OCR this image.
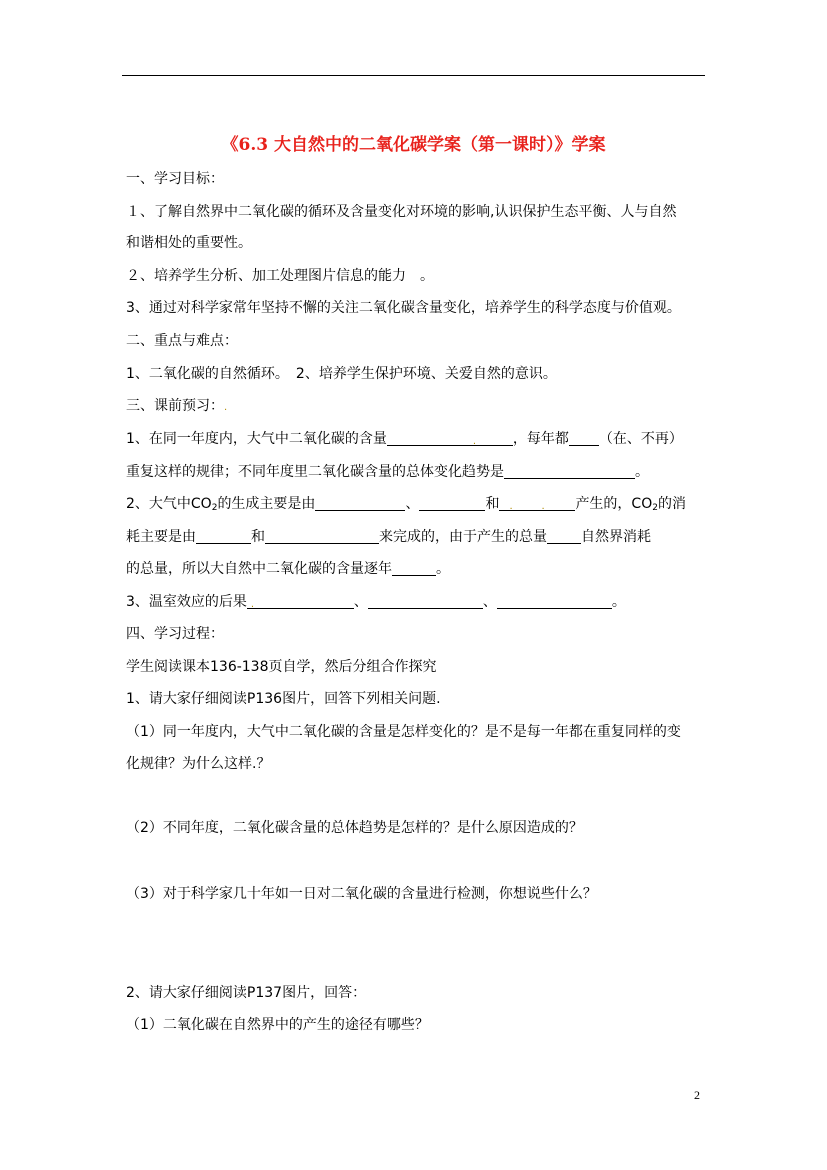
《6.3 大自然中的二氧化碳学案（第一课时）》学案
一、学习目标：
１、了解自然界中二氧化碳的循环及含量变化对环境的影响,认识保护生态平衡、人与自然
和谐相处的重要性。
２、培养学生分析、加工处理图片信息的能力　。
3、通过对科学家常年坚持不懈的关注二氧化碳含量变化，培养学生的科学态度与价值观。
二、重点与难点：
1、二氧化碳的自然循环。　2、培养学生保护环境、关爱自然的意识。
三、课前预习：.
1、在同一年度内，大气中二氧化碳的含量	.	，每年都 （在、不再）
重复这样的规律；不同年度里二氧化碳含量的总体变化趋势是	。
2、大气中$CO_2$的生成主要是由	、	和 .	. 产生的，$CO_2$的消
耗主要是由	和	来完成的，由于产生的总量 自然界消耗
的总量，所以大自然中二氧化碳的含量逐年	。
3、温室效应的后果 .	、	、	。
四、学习过程：
学生阅读课本136-138页自学，然后分组合作探究
1、请大家仔细阅读P136图片，回答下列相关问题.
（1）同一年度内，大气中二氧化碳的含量是怎样变化的？是不是每一年都在重复同样的变
化规律？为什么这样.？
（2）不同年度，二氧化碳含量的总体趋势是怎样的？是什么原因造成的？
（3）对于科学家几十年如一日对二氧化碳的含量进行检测，你想说些什么？
2、请大家仔细阅读P137图片，回答：
（1）二氧化碳在自然界中的产生的途径有哪些？
2
